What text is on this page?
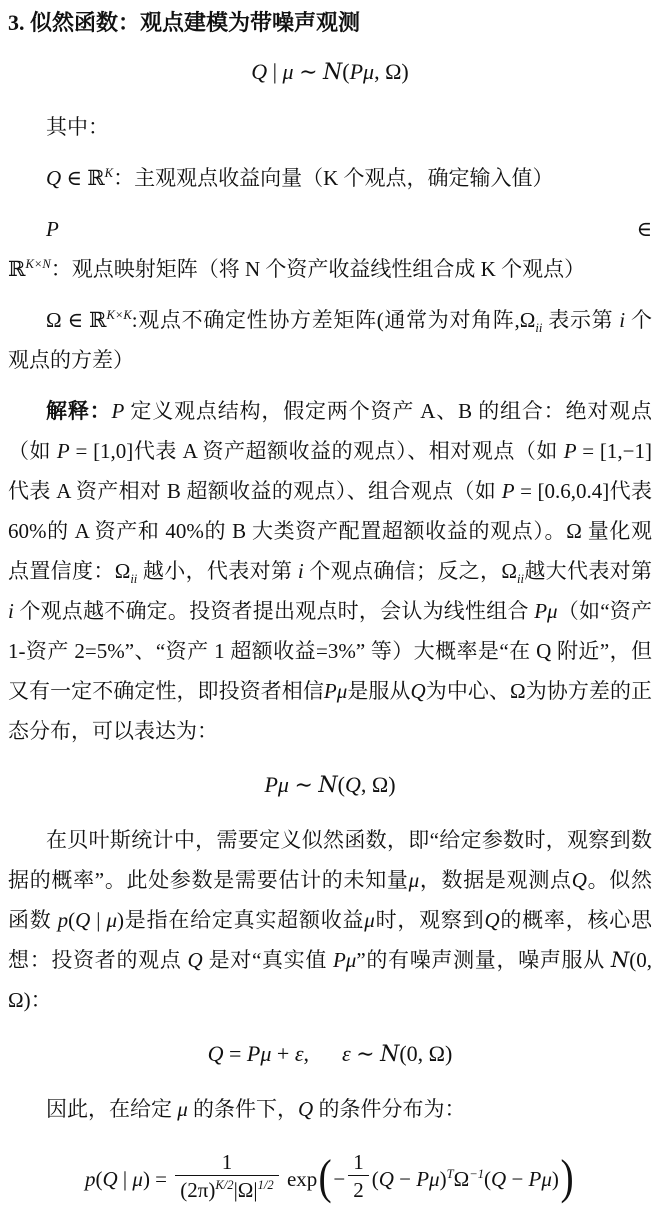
3. 似然函数：观点建模为带噪声观测
Q | μ ∼ N(Pμ, Ω)

其中：

Q ∈ ℝ$^K$：主观观点收益向量（K 个观点，确定输入值）

P ∈ ℝ$^{K\times N}$：观点映射矩阵（将 N 个资产收益线性组合成 K 个观点）

Ω ∈ ℝ$^{K\times K}$:观点不确定性协方差矩阵(通常为对角阵$,\Omega_{ii}$ 表示第 i 个观点的方差）

解释：P 定义观点结构，假定两个资产 A、B 的组合：绝对观点（如 P = [1,0]代表 A 资产超额收益的观点）、相对观点（如 P = [1,−1]代表 A 资产相对 B 超额收益的观点）、组合观点（如 P = [0.6,0.4]代表 60%的 A 资产和 40%的 B 大类资产配置超额收益的观点）。Ω 量化观点置信度：$\Omega_{ii}$ 越小，代表对第 i 个观点确信；反之，$\Omega_{ii}$越大代表对第 i 个观点越不确定。投资者提出观点时，会认为线性组合 Pμ（如“资产 1-资产 2=5%”、“资产 1 超额收益=3%” 等）大概率是“在 Q 附近”，但又有一定不确定性，即投资者相信Pμ是服从Q为中心、Ω为协方差的正态分布，可以表达为：

Pμ ∼ N(Q, Ω)

在贝叶斯统计中，需要定义似然函数，即“给定参数时，观察到数据的概率”。此处参数是需要估计的未知量μ，数据是观测点Q。似然函数 p(Q | μ)是指在给定真实超额收益μ时，观察到Q的概率，核心思想：投资者的观点 Q 是对“真实值 Pμ”的有噪声测量，噪声服从 N(0, Ω)：

Q = Pμ + ε,   ε ∼ N(0, Ω)

因此，在给定 μ 的条件下，Q 的条件分布为：

p(Q | $\mu) = \frac{1}{(2\pi)^{K/2}|\Omega|^{1/2}} \exp(- \frac{1}{2} (Q - P\mu)^T\Omega^{-1}(Q - P\mu))$
